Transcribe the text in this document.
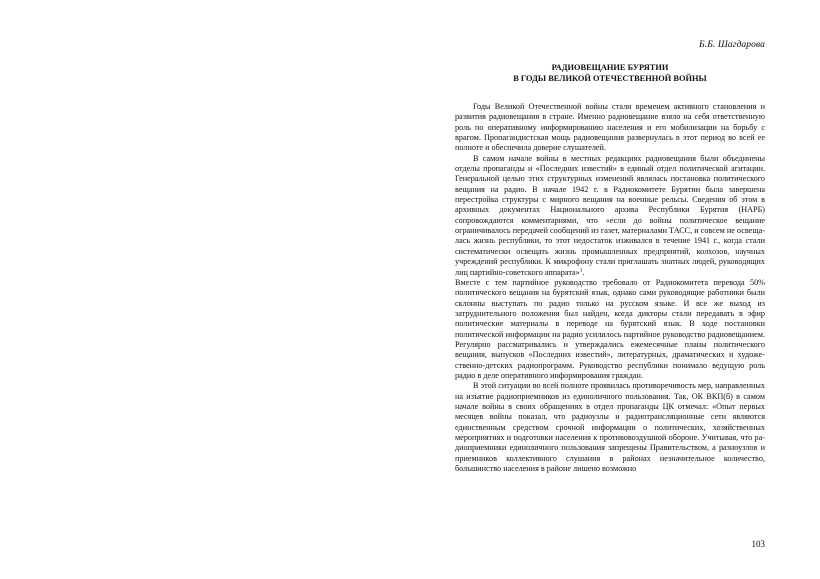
Б.Б. Шагдарова
РАДИОВЕЩАНИЕ БУРЯТИИ
В ГОДЫ ВЕЛИКОЙ ОТЕЧЕСТВЕННОЙ ВОЙНЫ

Годы Великой Отечественной войны стали временем активного становления и развития радиовещания в стране. Именно радиовещание взяло на себя ответственную роль по оперативному информированию населения и его мобилизации на борьбу с врагом. Пропагандистская мощь радиовещания развернулась в этот период во всей ее полноте и обеспечила доверие слушателей.

В самом начале войны в местных редакциях радиовещания были объединены отделы пропаганды и «Последних известий» в единый отдел политической агитации. Генеральной целью этих структурных изменений являлась постановка политического вещания на радио. В начале 1942 г. в Радиокомитете Бурятии была завершена перестройка структуры с мирного вещания на военные рельсы. Сведения об этом в архивных документах Национального архива Республики Бурятия (НАРБ) сопровождаются комментариями, что «если до войны политическое вещание ограничивалось передачей сообщений из газет, материалами ТАСС, и совсем не освещалась жизнь республики, то этот недостаток изживался в течение 1941 г., когда стали систематически освещать жизнь промышленных предприятий, колхозов, научных учреждений республики. К микрофону стали приглашать знатных людей, руководящих лиц партийно-советского аппарата»$^1$.

Вместе с тем партийное руководство требовало от Радиокомитета перевода 50% политического вещания на бурятский язык, однако сами руководящие работники были склонны выступать по радио только на русском языке. И все же выход из затруднительного положения был найден, когда дикторы стали передавать в эфир политические материалы в переводе на бурятский язык. В ходе постановки политической информации на радио усилилось партийное руководство радиовещанием. Регулярно рассматривались и утверждались ежемесячные планы политического вещания, выпусков «Последних известий», литературных, драматических и художественно-детских радиопрограмм. Руководство республики понимало ведущую роль радио в деле оперативного информирования граждан.

В этой ситуации во всей полноте проявилась противоречивость мер, направленных на изъятие радиоприемников из единоличного пользования. Так, ОК ВКП(б) в самом начале войны в своих обращениях в отдел пропаганды ЦК отмечал: «Опыт первых месяцев войны показал, что радиоузлы и радиотрансляционные сети являются единственным средством срочной информации о политических, хозяйственных мероприятиях и подготовки населения к противовоздушной обороне. Учитывая, что радиоприемники единоличного пользования запрещены Правительством, а разноузлов и приемников коллективного слушания в районах незначительное количество, большинство населения в районе лишено возможно

103
